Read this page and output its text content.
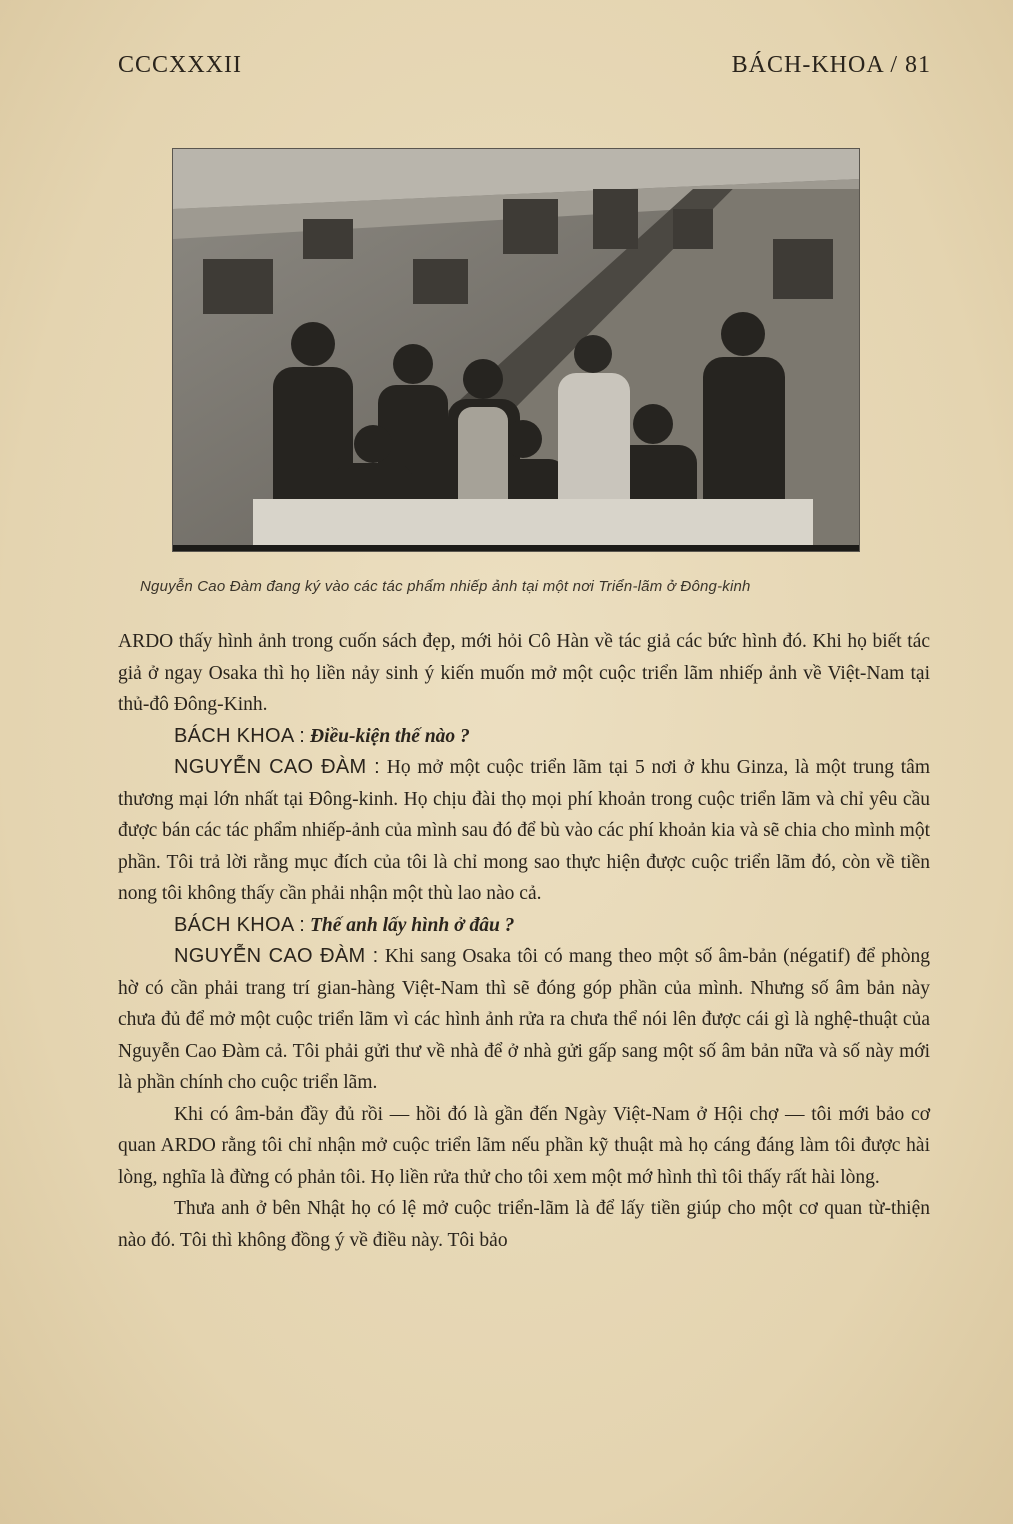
CCCXXXII	BÁCH-KHOA / 81
Nguyễn Cao Đàm đang ký vào các tác phẩm nhiếp ảnh tại một nơi Triển-lãm ở Đông-kinh

ARDO thấy hình ảnh trong cuốn sách đẹp, mới hỏi Cô Hàn về tác giả các bức hình đó. Khi họ biết tác giả ở ngay Osaka thì họ liền nảy sinh ý kiến muốn mở một cuộc triển lãm nhiếp ảnh về Việt-Nam tại thủ-đô Đông-Kinh.

BÁCH KHOA : Điều-kiện thế nào ?

NGUYỄN CAO ĐÀM : Họ mở một cuộc triển lãm tại 5 nơi ở khu Ginza, là một trung tâm thương mại lớn nhất tại Đông-kinh. Họ chịu đài thọ mọi phí khoản trong cuộc triển lãm và chỉ yêu cầu được bán các tác phẩm nhiếp-ảnh của mình sau đó để bù vào các phí khoản kia và sẽ chia cho mình một phần. Tôi trả lời rằng mục đích của tôi là chỉ mong sao thực hiện được cuộc triển lãm đó, còn về tiền nong tôi không thấy cần phải nhận một thù lao nào cả.

BÁCH KHOA : Thế anh lấy hình ở đâu ?

NGUYỄN CAO ĐÀM : Khi sang Osaka tôi có mang theo một số âm-bản (négatif) để phòng hờ có cần phải trang trí gian-hàng Việt-Nam thì sẽ đóng góp phần của mình. Nhưng số âm bản này chưa đủ để mở một cuộc triển lãm vì các hình ảnh rửa ra chưa thể nói lên được cái gì là nghệ-thuật của Nguyễn Cao Đàm cả. Tôi phải gửi thư về nhà để ở nhà gửi gấp sang một số âm bản nữa và số này mới là phần chính cho cuộc triển lãm.

Khi có âm-bản đầy đủ rồi — hồi đó là gần đến Ngày Việt-Nam ở Hội chợ — tôi mới bảo cơ quan ARDO rằng tôi chỉ nhận mở cuộc triển lãm nếu phần kỹ thuật mà họ cáng đáng làm tôi được hài lòng, nghĩa là đừng có phản tôi. Họ liền rửa thử cho tôi xem một mớ hình thì tôi thấy rất hài lòng.

Thưa anh ở bên Nhật họ có lệ mở cuộc triển-lãm là để lấy tiền giúp cho một cơ quan từ-thiện nào đó. Tôi thì không đồng ý về điều này. Tôi bảo
